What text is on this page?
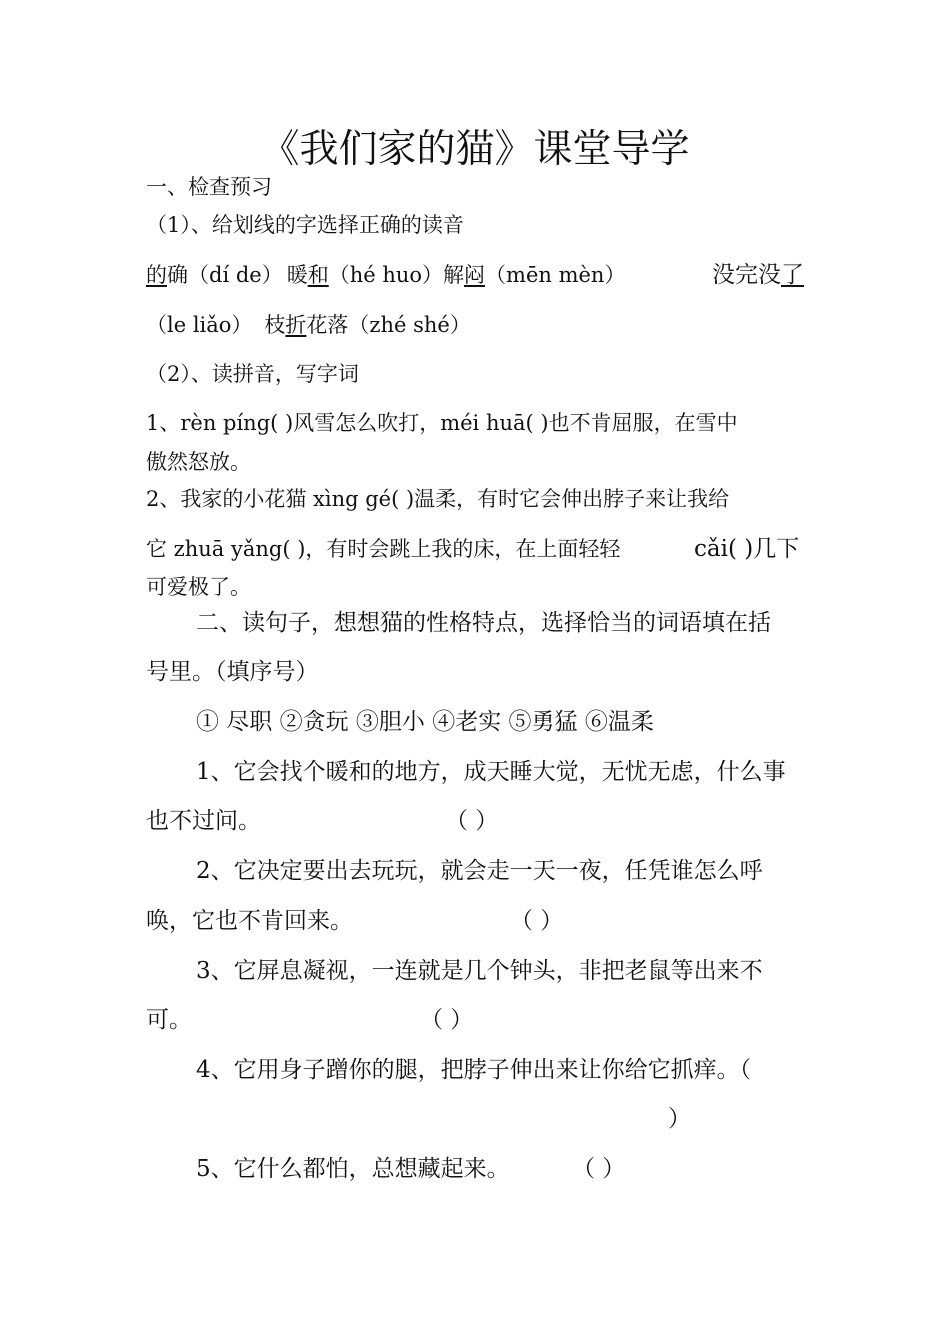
《我们家的猫》课堂导学
一、检查预习
（1）、给划线的字选择正确的读音
的确（dí de） 暖和（hé huo）解闷（mēn mèn）	没完没了
（le liǎo） 枝折花落（zhé shé）
（2）、读拼音，写字词
1、rèn píng( )风雪怎么吹打，méi huā( )也不肯屈服，在雪中
傲然怒放。
2、我家的小花猫 xìng gé( )温柔，有时它会伸出脖子来让我给
它 zhuā yǎng( )，有时会跳上我的床，在上面轻轻	cǎi( )几下
可爱极了。
二、读句子，想想猫的性格特点，选择恰当的词语填在括
号里。（填序号）
① 尽职 ②贪玩 ③胆小 ④老实 ⑤勇猛 ⑥温柔
1、它会找个暖和的地方，成天睡大觉，无忧无虑，什么事
也不过问。	（ ）
2、它决定要出去玩玩，就会走一天一夜，任凭谁怎么呼
唤，它也不肯回来。	（ ）
3、它屏息凝视，一连就是几个钟头，非把老鼠等出来不
可。	（ ）
4、它用身子蹭你的腿，把脖子伸出来让你给它抓痒。（
）
5、它什么都怕，总想藏起来。	（ ）
